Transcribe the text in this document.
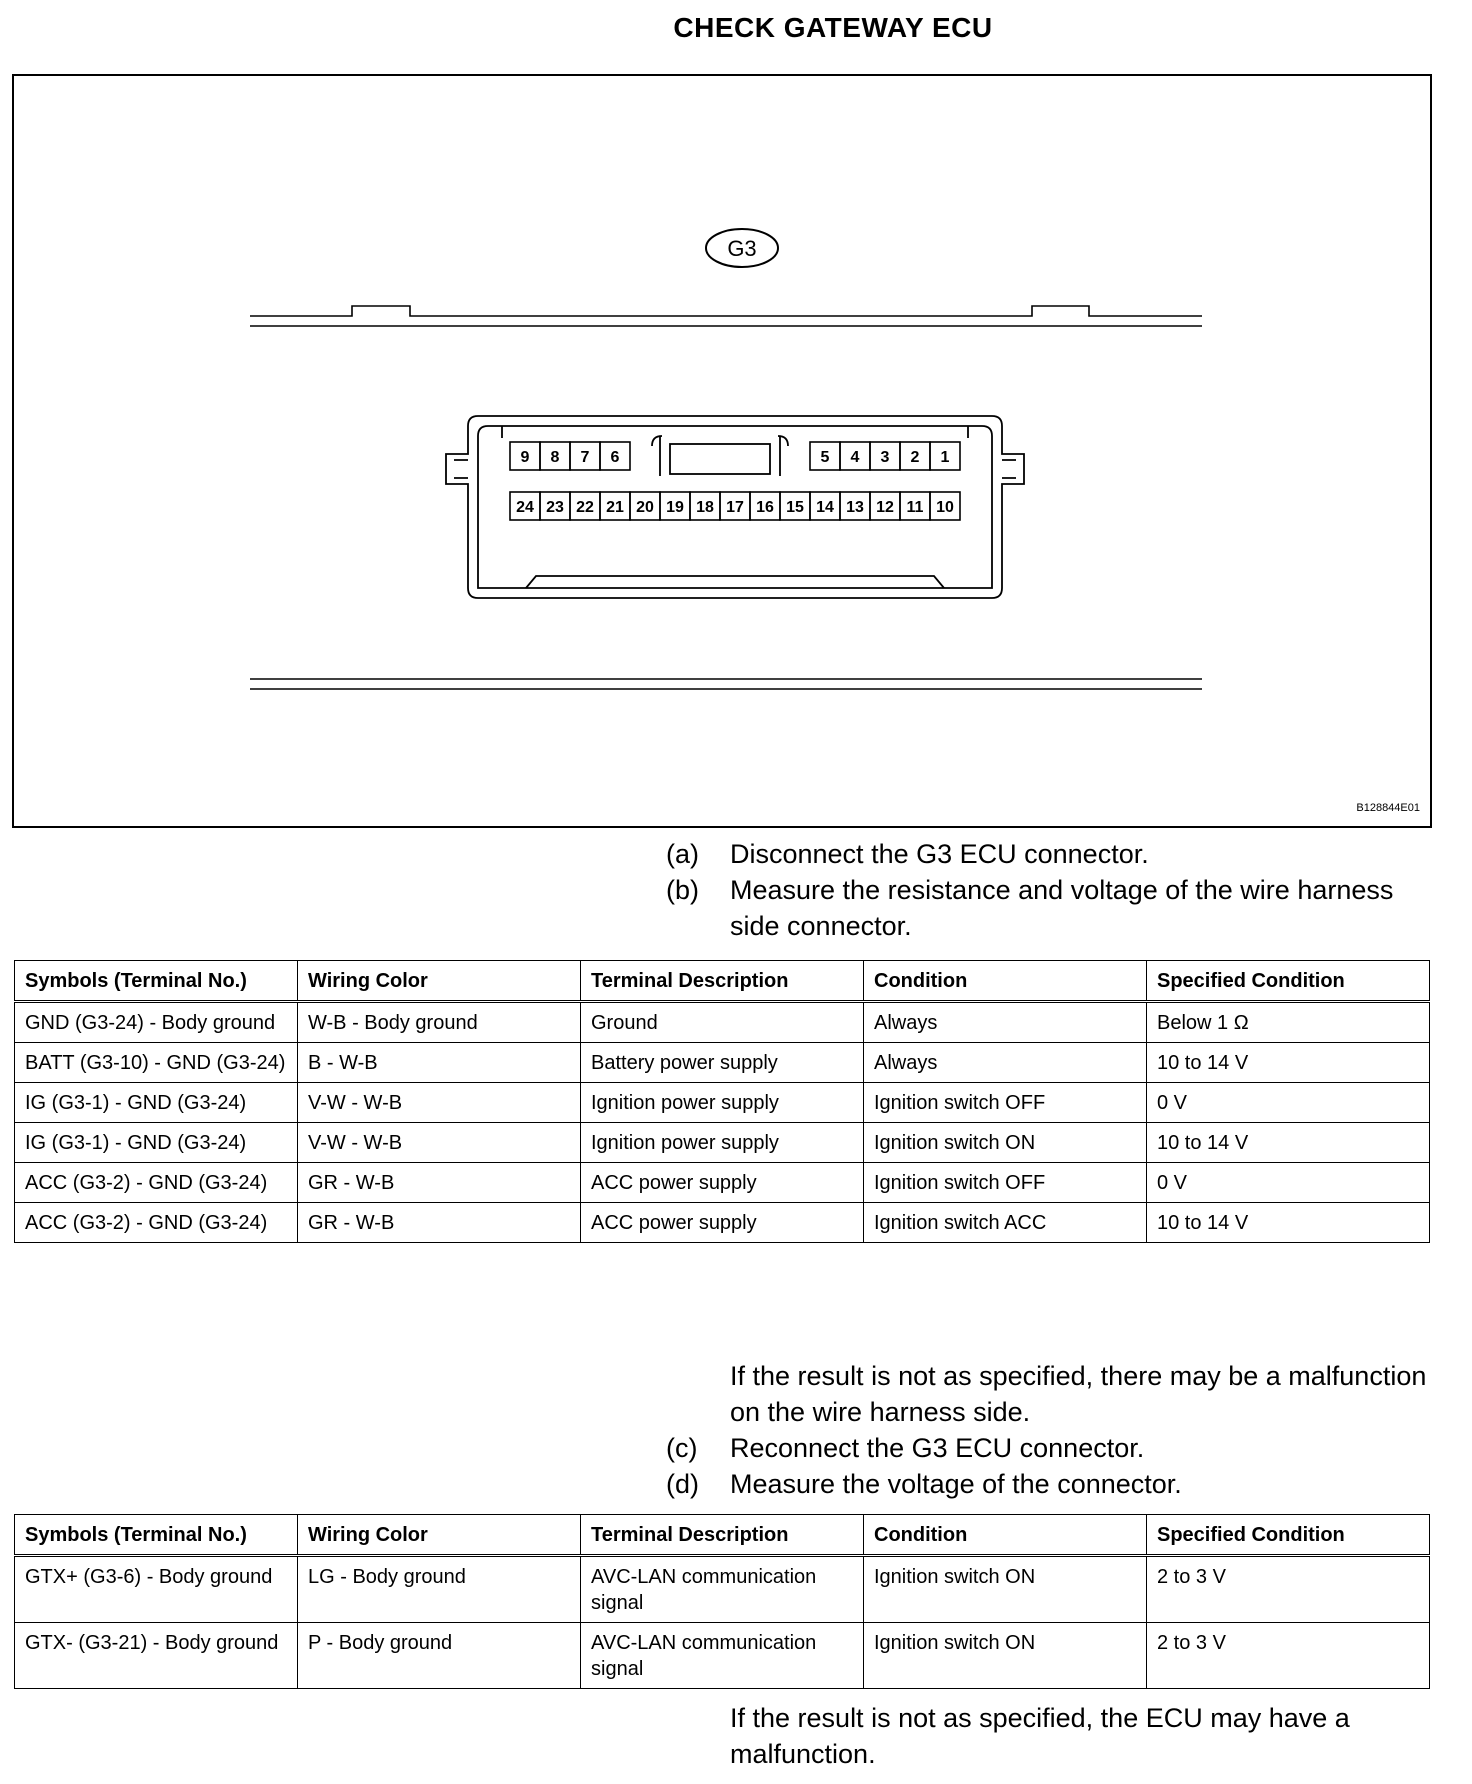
CHECK GATEWAY ECU
G3
9 8 7 6	5 4 3 2 1
24 23 22 21 20 19 18 17 16 15 14 13 12 11 10
B128844E01
(a)	Disconnect the G3 ECU connector.
(b)	Measure the resistance and voltage of the wire harness side connector.
Symbols (Terminal No.)	Wiring Color	Terminal Description	Condition	Specified Condition
GND (G3-24) - Body ground	W-B - Body ground	Ground	Always	Below 1 Ω
BATT (G3-10) - GND (G3-24)	B - W-B	Battery power supply	Always	10 to 14 V
IG (G3-1) - GND (G3-24)	V-W - W-B	Ignition power supply	Ignition switch OFF	0 V
IG (G3-1) - GND (G3-24)	V-W - W-B	Ignition power supply	Ignition switch ON	10 to 14 V
ACC (G3-2) - GND (G3-24)	GR - W-B	ACC power supply	Ignition switch OFF	0 V
ACC (G3-2) - GND (G3-24)	GR - W-B	ACC power supply	Ignition switch ACC	10 to 14 V
If the result is not as specified, there may be a malfunction on the wire harness side.
(c)	Reconnect the G3 ECU connector.
(d)	Measure the voltage of the connector.
Symbols (Terminal No.)	Wiring Color	Terminal Description	Condition	Specified Condition
GTX+ (G3-6) - Body ground	LG - Body ground	AVC-LAN communication signal	Ignition switch ON	2 to 3 V
GTX- (G3-21) - Body ground	P - Body ground	AVC-LAN communication signal	Ignition switch ON	2 to 3 V
If the result is not as specified, the ECU may have a malfunction.
